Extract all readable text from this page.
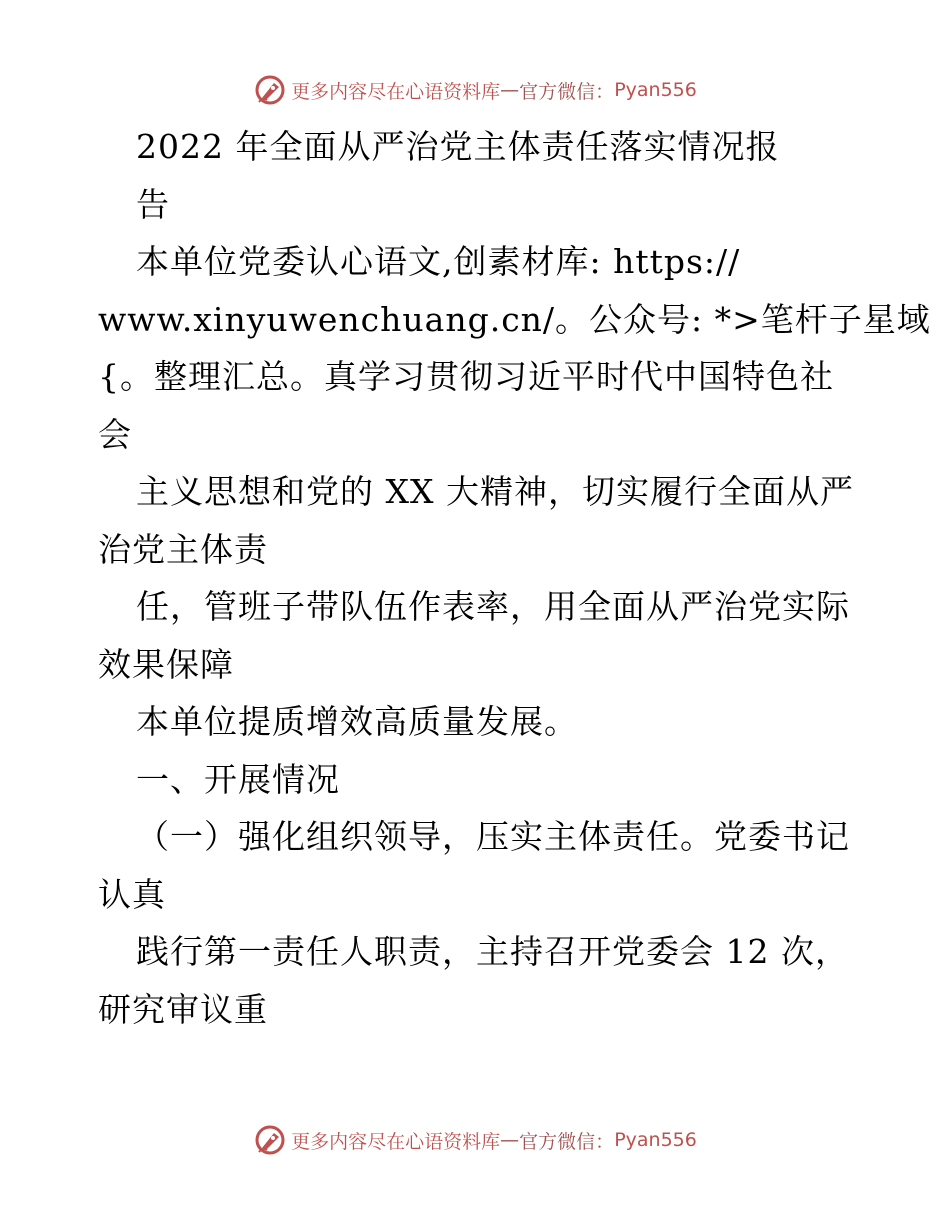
更多内容尽在心语资料库 — 官方微信： Pyan556
2022 年全面从严治党主体责任落实情况报
告
本单位党委认心语文,创素材库: https://
www.xinyuwenchuang.cn/。公众号: *>笔杆子星域
{。整理汇总。真学习贯彻习近平时代中国特色社
会
主义思想和党的 XX 大精神，切实履行全面从严
治党主体责
任，管班子带队伍作表率，用全面从严治党实际
效果保障
本单位提质增效高质量发展。
一、开展情况
（一）强化组织领导，压实主体责任。党委书记
认真
践行第一责任人职责，主持召开党委会 12 次，
研究审议重
更多内容尽在心语资料库 — 官方微信： Pyan556
